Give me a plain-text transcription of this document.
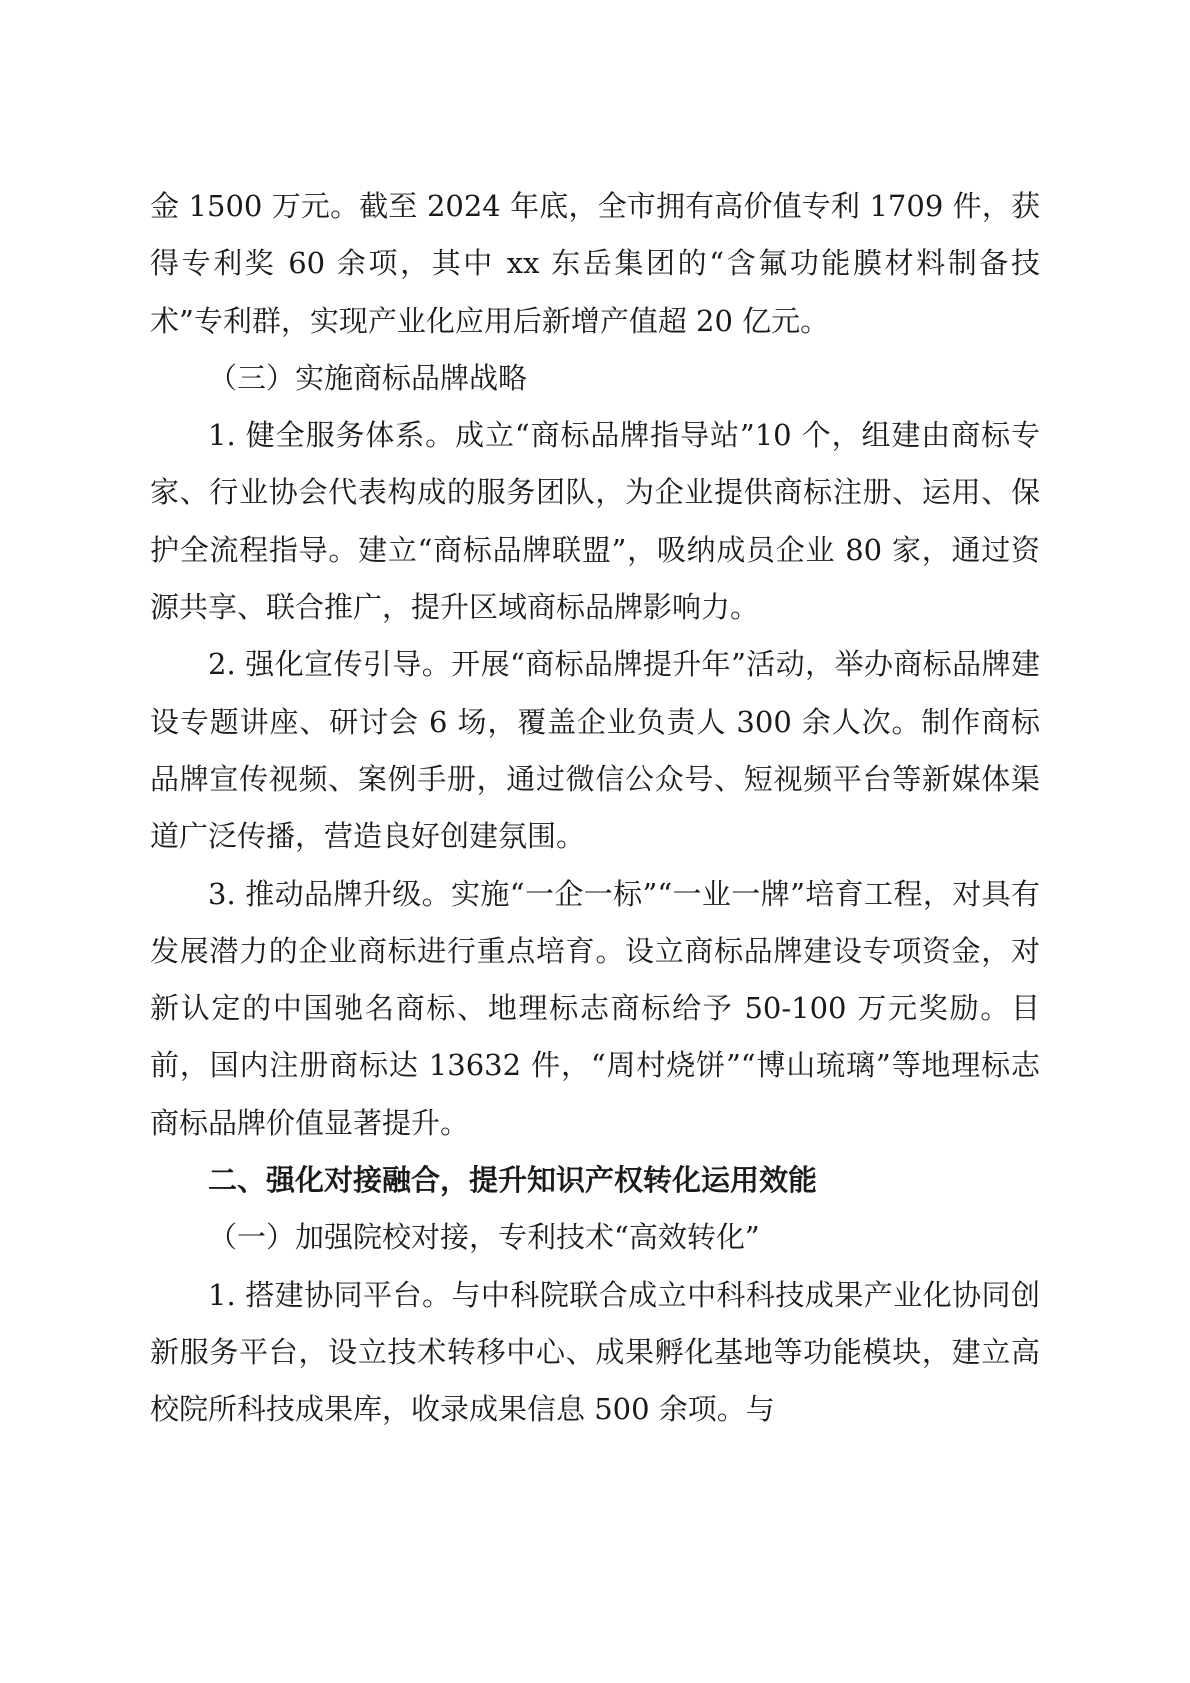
金 1500 万元。截至 2024 年底，全市拥有高价值专利 1709 件，获得专利奖 60 余项，其中 xx 东岳集团的“含氟功能膜材料制备技术”专利群，实现产业化应用后新增产值超 20 亿元。

（三）实施商标品牌战略

1. 健全服务体系。成立“商标品牌指导站”10 个，组建由商标专家、行业协会代表构成的服务团队，为企业提供商标注册、运用、保护全流程指导。建立“商标品牌联盟”，吸纳成员企业 80 家，通过资源共享、联合推广，提升区域商标品牌影响力。

2. 强化宣传引导。开展“商标品牌提升年”活动，举办商标品牌建设专题讲座、研讨会 6 场，覆盖企业负责人 300 余人次。制作商标品牌宣传视频、案例手册，通过微信公众号、短视频平台等新媒体渠道广泛传播，营造良好创建氛围。

3. 推动品牌升级。实施“一企一标”“一业一牌”培育工程，对具有发展潜力的企业商标进行重点培育。设立商标品牌建设专项资金，对新认定的中国驰名商标、地理标志商标给予 50-100 万元奖励。目前，国内注册商标达 13632 件，“周村烧饼”“博山琉璃”等地理标志商标品牌价值显著提升。

二、强化对接融合，提升知识产权转化运用效能

（一）加强院校对接，专利技术“高效转化”

1. 搭建协同平台。与中科院联合成立中科科技成果产业化协同创新服务平台，设立技术转移中心、成果孵化基地等功能模块，建立高校院所科技成果库，收录成果信息 500 余项。与
